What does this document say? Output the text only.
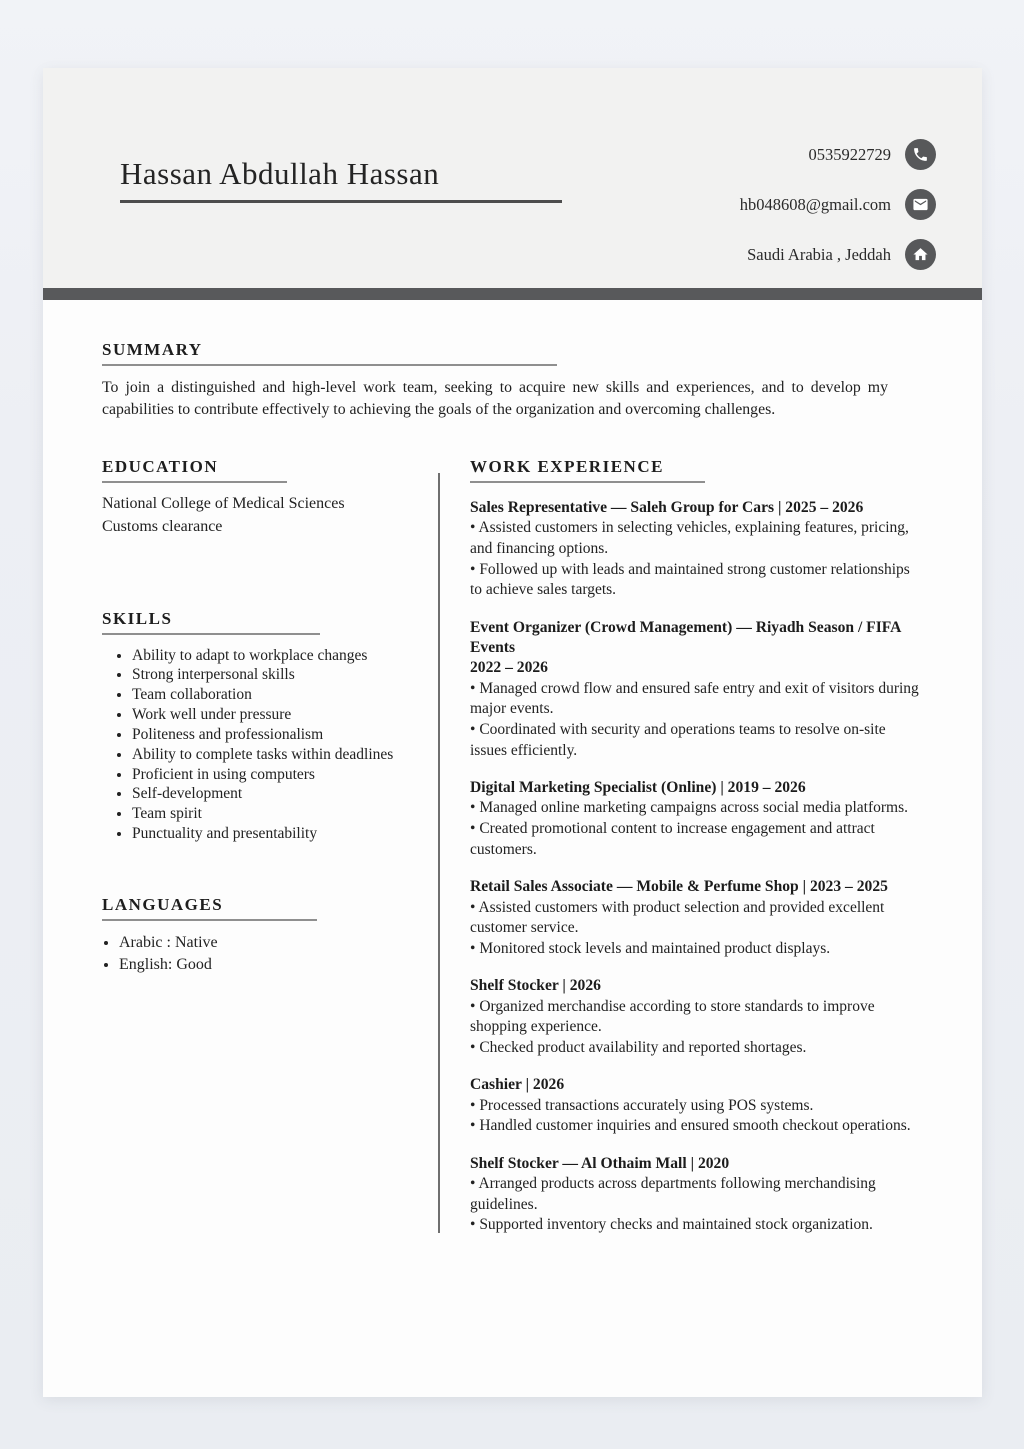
Hassan Abdullah Hassan
0535922729
hb048608@gmail.com
Saudi Arabia , Jeddah
SUMMARY

To join a distinguished and high-level work team, seeking to acquire new skills and experiences, and to develop my capabilities to contribute effectively to achieving the goals of the organization and overcoming challenges.

EDUCATION

National College of Medical Sciences

Customs clearance

SKILLS
• Ability to adapt to workplace changes
• Strong interpersonal skills
• Team collaboration
• Work well under pressure
• Politeness and professionalism
• Ability to complete tasks within deadlines
• Proficient in using computers
• Self-development
• Team spirit
• Punctuality and presentability
LANGUAGES
• Arabic : Native
• English: Good
WORK EXPERIENCE

Sales Representative — Saleh Group for Cars | 2025 – 2026

• Assisted customers in selecting vehicles, explaining features, pricing, and financing options.

• Followed up with leads and maintained strong customer relationships to achieve sales targets.

Event Organizer (Crowd Management) — Riyadh Season / FIFA Events

2022 – 2026

• Managed crowd flow and ensured safe entry and exit of visitors during major events.

• Coordinated with security and operations teams to resolve on-site issues efficiently.

Digital Marketing Specialist (Online) | 2019 – 2026

• Managed online marketing campaigns across social media platforms.

• Created promotional content to increase engagement and attract customers.

Retail Sales Associate — Mobile & Perfume Shop | 2023 – 2025

• Assisted customers with product selection and provided excellent customer service.

• Monitored stock levels and maintained product displays.

Shelf Stocker | 2026

• Organized merchandise according to store standards to improve shopping experience.

• Checked product availability and reported shortages.

Cashier | 2026

• Processed transactions accurately using POS systems.

• Handled customer inquiries and ensured smooth checkout operations.

Shelf Stocker — Al Othaim Mall | 2020

• Arranged products across departments following merchandising guidelines.

• Supported inventory checks and maintained stock organization.
